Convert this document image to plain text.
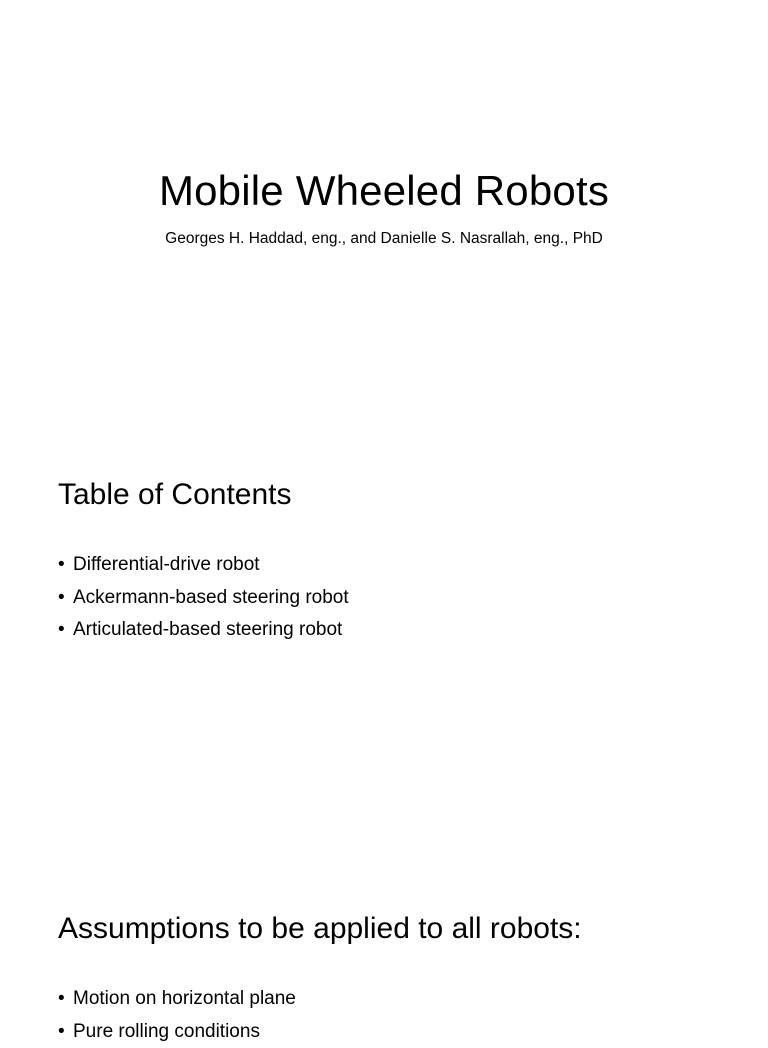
Mobile Wheeled Robots

Georges H. Haddad, eng., and Danielle S. Nasrallah, eng., PhD

Table of Contents
• Differential-drive robot
• Ackermann-based steering robot
• Articulated-based steering robot
Assumptions to be applied to all robots:
• Motion on horizontal plane
• Pure rolling conditions
